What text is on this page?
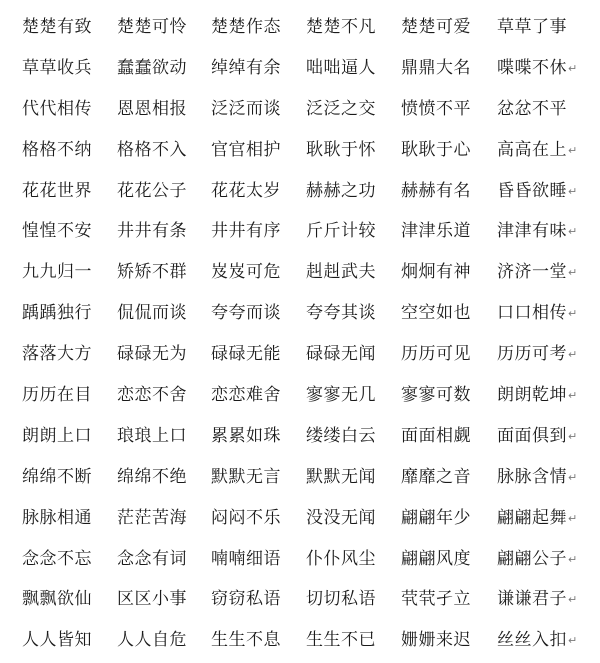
楚楚有致 楚楚可怜 楚楚作态 楚楚不凡 楚楚可爱 草草了事
草草收兵 蠢蠢欲动 绰绰有余 咄咄逼人 鼎鼎大名 喋喋不休 ↵
代代相传 恩恩相报 泛泛而谈 泛泛之交 愤愤不平 忿忿不平
格格不纳 格格不入 官官相护 耿耿于怀 耿耿于心 高高在上 ↵
花花世界 花花公子 花花太岁 赫赫之功 赫赫有名 昏昏欲睡 ↵
惶惶不安 井井有条 井井有序 斤斤计较 津津乐道 津津有味 ↵
九九归一 矫矫不群 岌岌可危 赳赳武夫 炯炯有神 济济一堂 ↵
踽踽独行 侃侃而谈 夸夸而谈 夸夸其谈 空空如也 口口相传 ↵
落落大方 碌碌无为 碌碌无能 碌碌无闻 历历可见 历历可考 ↵
历历在目 恋恋不舍 恋恋难舍 寥寥无几 寥寥可数 朗朗乾坤 ↵
朗朗上口 琅琅上口 累累如珠 缕缕白云 面面相觑 面面俱到 ↵
绵绵不断 绵绵不绝 默默无言 默默无闻 靡靡之音 脉脉含情 ↵
脉脉相通 茫茫苦海 闷闷不乐 没没无闻 翩翩年少 翩翩起舞 ↵
念念不忘 念念有词 喃喃细语 仆仆风尘 翩翩风度 翩翩公子 ↵
飘飘欲仙 区区小事 窃窃私语 切切私语 茕茕孑立 谦谦君子 ↵
人人皆知 人人自危 生生不息 生生不已 姗姗来迟 丝丝入扣 ↵
